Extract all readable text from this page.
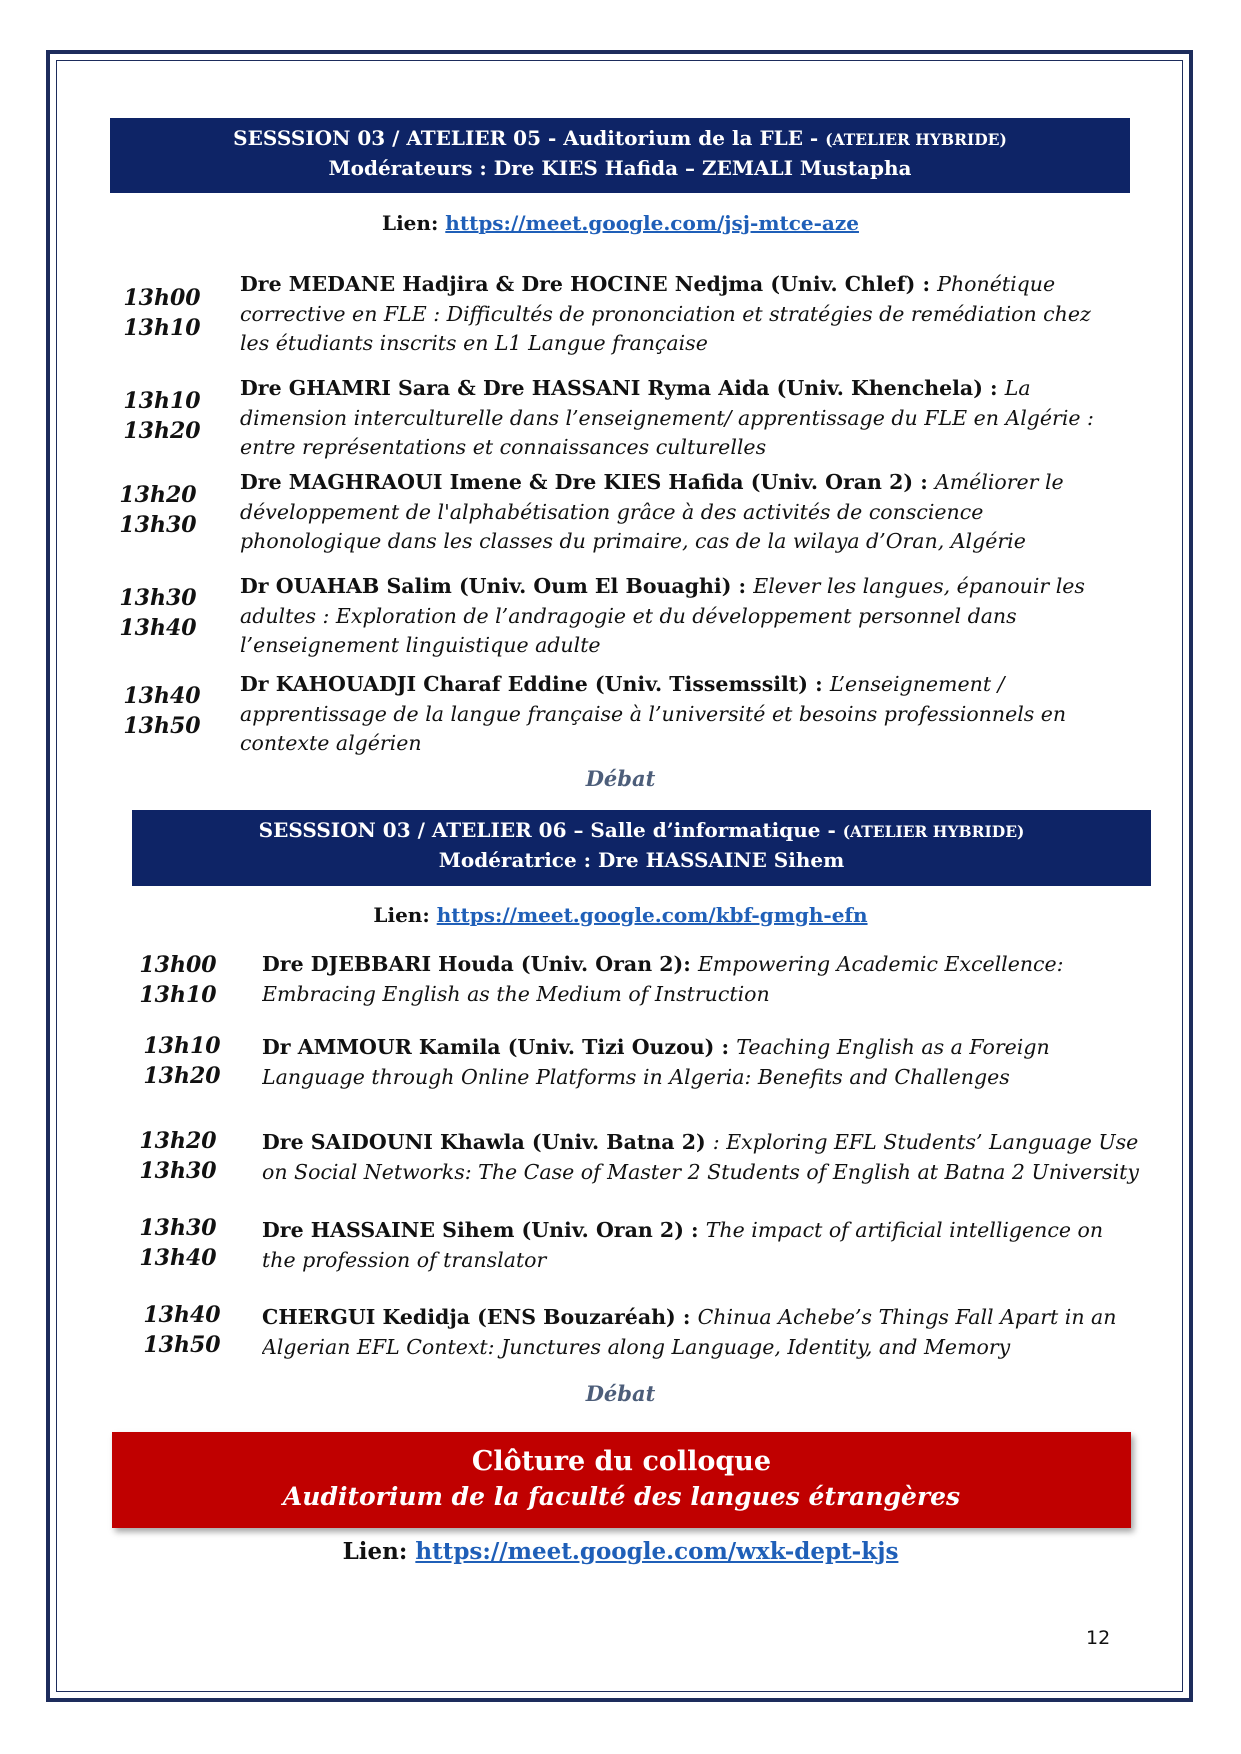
SESSSION 03 / ATELIER 05 - Auditorium de la FLE - (ATELIER HYBRIDE)
Modérateurs : Dre KIES Hafida – ZEMALI Mustapha
Lien: https://meet.google.com/jsj-mtce-aze
13h00
13h10
Dre MEDANE Hadjira & Dre HOCINE Nedjma (Univ. Chlef) : Phonétique corrective en FLE : Difficultés de prononciation et stratégies de remédiation chez les étudiants inscrits en L1 Langue française
13h10
13h20
Dre GHAMRI Sara & Dre HASSANI Ryma Aida (Univ. Khenchela) : La dimension interculturelle dans l’enseignement/ apprentissage du FLE en Algérie : entre représentations et connaissances culturelles
13h20
13h30
Dre MAGHRAOUI Imene & Dre KIES Hafida (Univ. Oran 2) : Améliorer le développement de l'alphabétisation grâce à des activités de conscience phonologique dans les classes du primaire, cas de la wilaya d’Oran, Algérie
13h30
13h40
Dr OUAHAB Salim (Univ. Oum El Bouaghi) : Elever les langues, épanouir les adultes : Exploration de l’andragogie et du développement personnel dans l’enseignement linguistique adulte
13h40
13h50
Dr KAHOUADJI Charaf Eddine (Univ. Tissemssilt) : L’enseignement / apprentissage de la langue française à l’université et besoins professionnels en contexte algérien
Débat
SESSSION 03 / ATELIER 06 – Salle d’informatique - (ATELIER HYBRIDE)
Modératrice : Dre HASSAINE Sihem
Lien: https://meet.google.com/kbf-gmgh-efn
13h00
13h10
Dre DJEBBARI Houda (Univ. Oran 2): Empowering Academic Excellence: Embracing English as the Medium of Instruction
13h10
13h20
Dr AMMOUR Kamila (Univ. Tizi Ouzou) : Teaching English as a Foreign Language through Online Platforms in Algeria: Benefits and Challenges
13h20
13h30
Dre SAIDOUNI Khawla (Univ. Batna 2) : Exploring EFL Students’ Language Use on Social Networks: The Case of Master 2 Students of English at Batna 2 University
13h30
13h40
Dre HASSAINE Sihem (Univ. Oran 2) : The impact of artificial intelligence on the profession of translator
13h40
13h50
CHERGUI Kedidja (ENS Bouzaréah) : Chinua Achebe’s Things Fall Apart in an Algerian EFL Context: Junctures along Language, Identity, and Memory
Débat
Clôture du colloque
Auditorium de la faculté des langues étrangères
Lien: https://meet.google.com/wxk-dept-kjs
12
